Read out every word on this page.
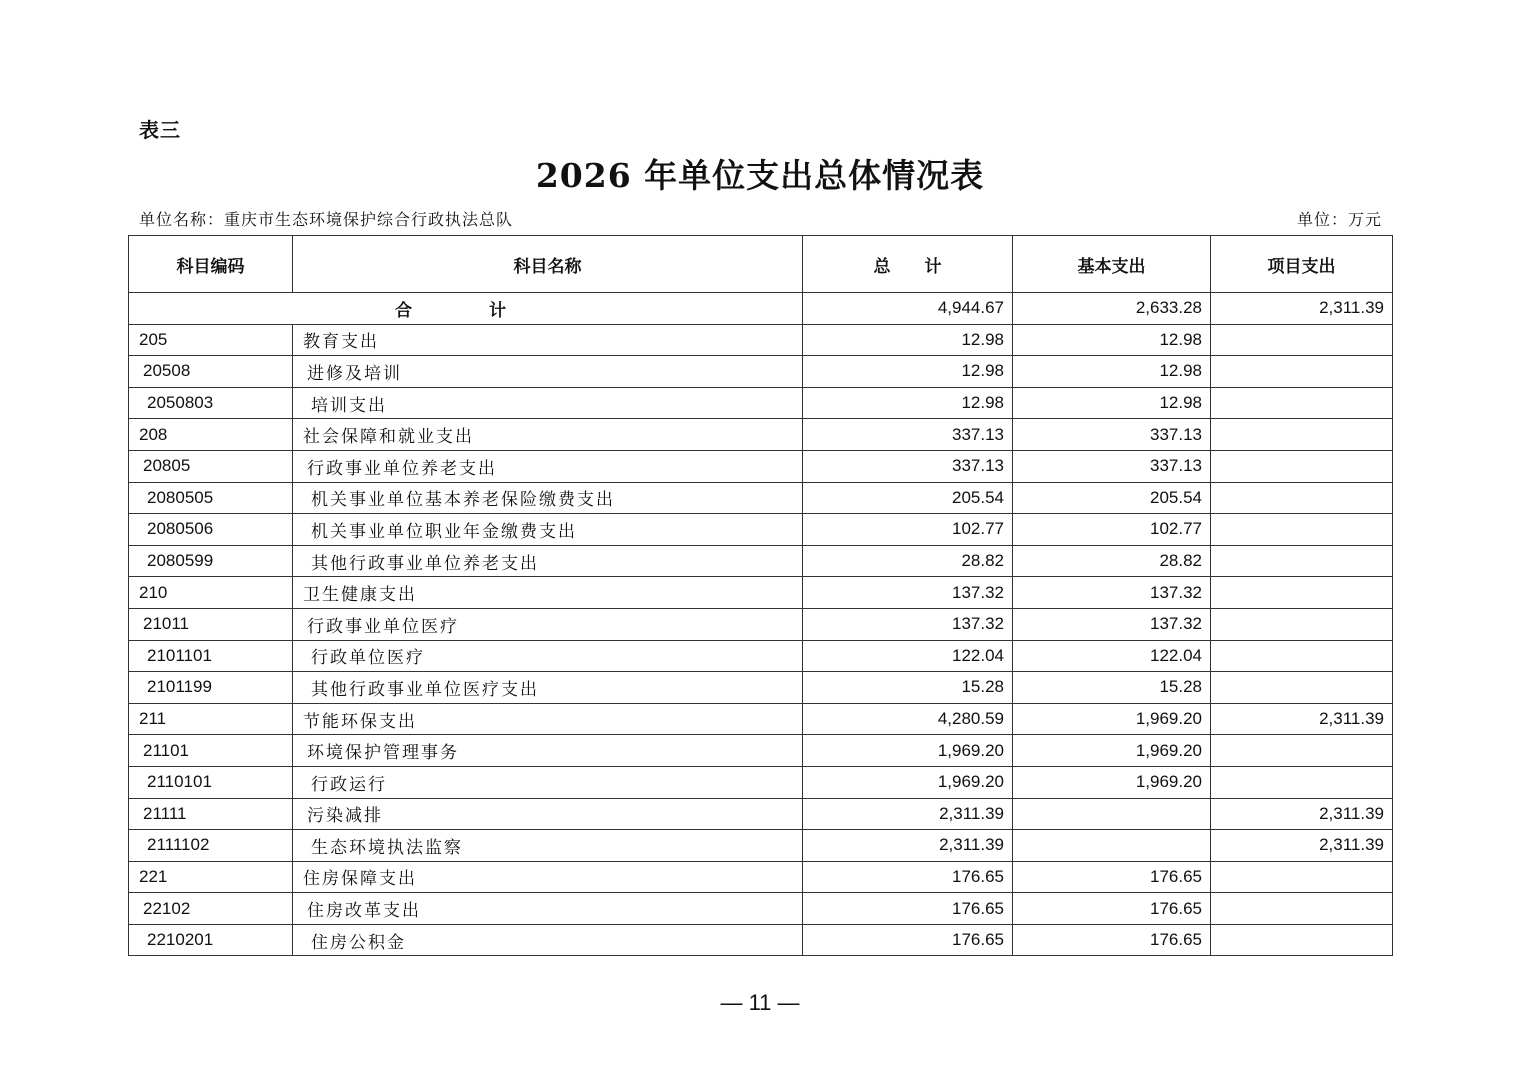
表三
2026 年单位支出总体情况表
单位名称：重庆市生态环境保护综合行政执法总队	单位：万元
科目编码	科目名称	总　　计	基本支出	项目支出
合　计		4,944.67	2,633.28	2,311.39
205	教育支出	12.98	12.98	
20508	进修及培训	12.98	12.98	
2050803	培训支出	12.98	12.98	
208	社会保障和就业支出	337.13	337.13	
20805	行政事业单位养老支出	337.13	337.13	
2080505	机关事业单位基本养老保险缴费支出	205.54	205.54	
2080506	机关事业单位职业年金缴费支出	102.77	102.77	
2080599	其他行政事业单位养老支出	28.82	28.82	
210	卫生健康支出	137.32	137.32	
21011	行政事业单位医疗	137.32	137.32	
2101101	行政单位医疗	122.04	122.04	
2101199	其他行政事业单位医疗支出	15.28	15.28	
211	节能环保支出	4,280.59	1,969.20	2,311.39
21101	环境保护管理事务	1,969.20	1,969.20	
2110101	行政运行	1,969.20	1,969.20	
21111	污染减排	2,311.39		2,311.39
2111102	生态环境执法监察	2,311.39		2,311.39
221	住房保障支出	176.65	176.65	
22102	住房改革支出	176.65	176.65	
2210201	住房公积金	176.65	176.65	
— 11 —
